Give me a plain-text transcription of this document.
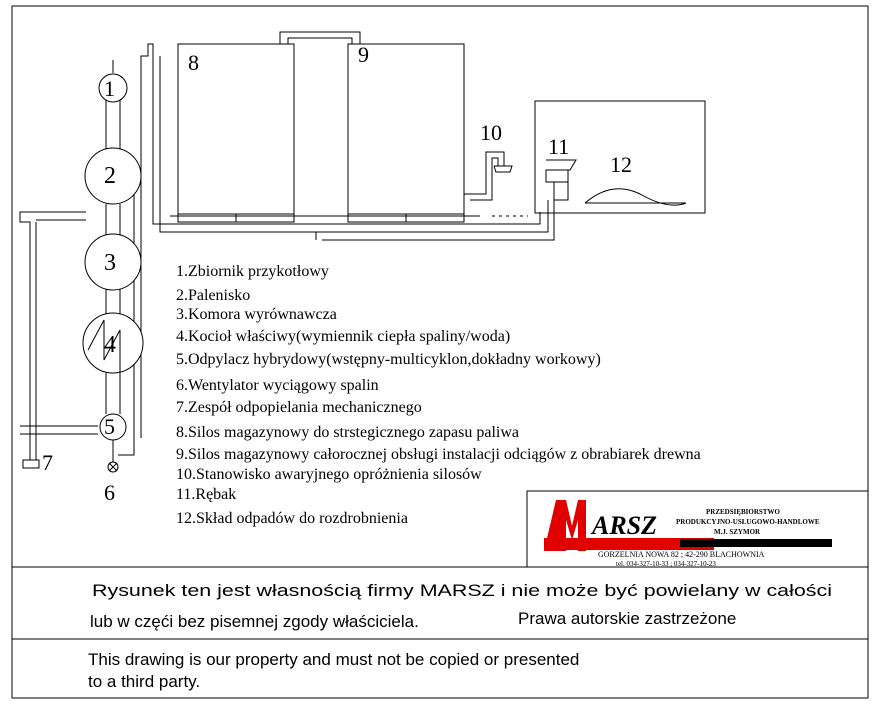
1
2
3
4
5
6
7
8	9
10
11
12
1.Zbiornik przykotłowy
2.Palenisko
3.Komora wyrównawcza
4.Kocioł właściwy(wymiennik ciepła spaliny/woda)
5.Odpylacz hybrydowy(wstępny-multicyklon,dokładny workowy)
6.Wentylator wyciągowy spalin
7.Zespół odpopielania mechanicznego
8.Silos magazynowy do strstegicznego zapasu paliwa
9.Silos magazynowy całorocznej obsługi instalacji odciągów z obrabiarek drewna
10.Stanowisko awaryjnego opróżnienia silosów
11.Rębak
12.Skład odpadów do rozdrobnienia	ARSZ	PRZEDSIĘBIORSTWO
PRODUKCYJNO-USŁUGOWO-HANDLOWE
M.J. SZYMOR
GORZELNIA NOWA 82 ; 42-290 BLACHOWNIA
tel. 034-327-10-33 ; 034-327-10-23
Rysunek ten jest własnością firmy MARSZ i nie może być powielany w całości
lub w częći bez pisemnej zgody właściciela.	Prawa autorskie zastrzeżone
This drawing is our property and must not be copied or presented
to a third party.
